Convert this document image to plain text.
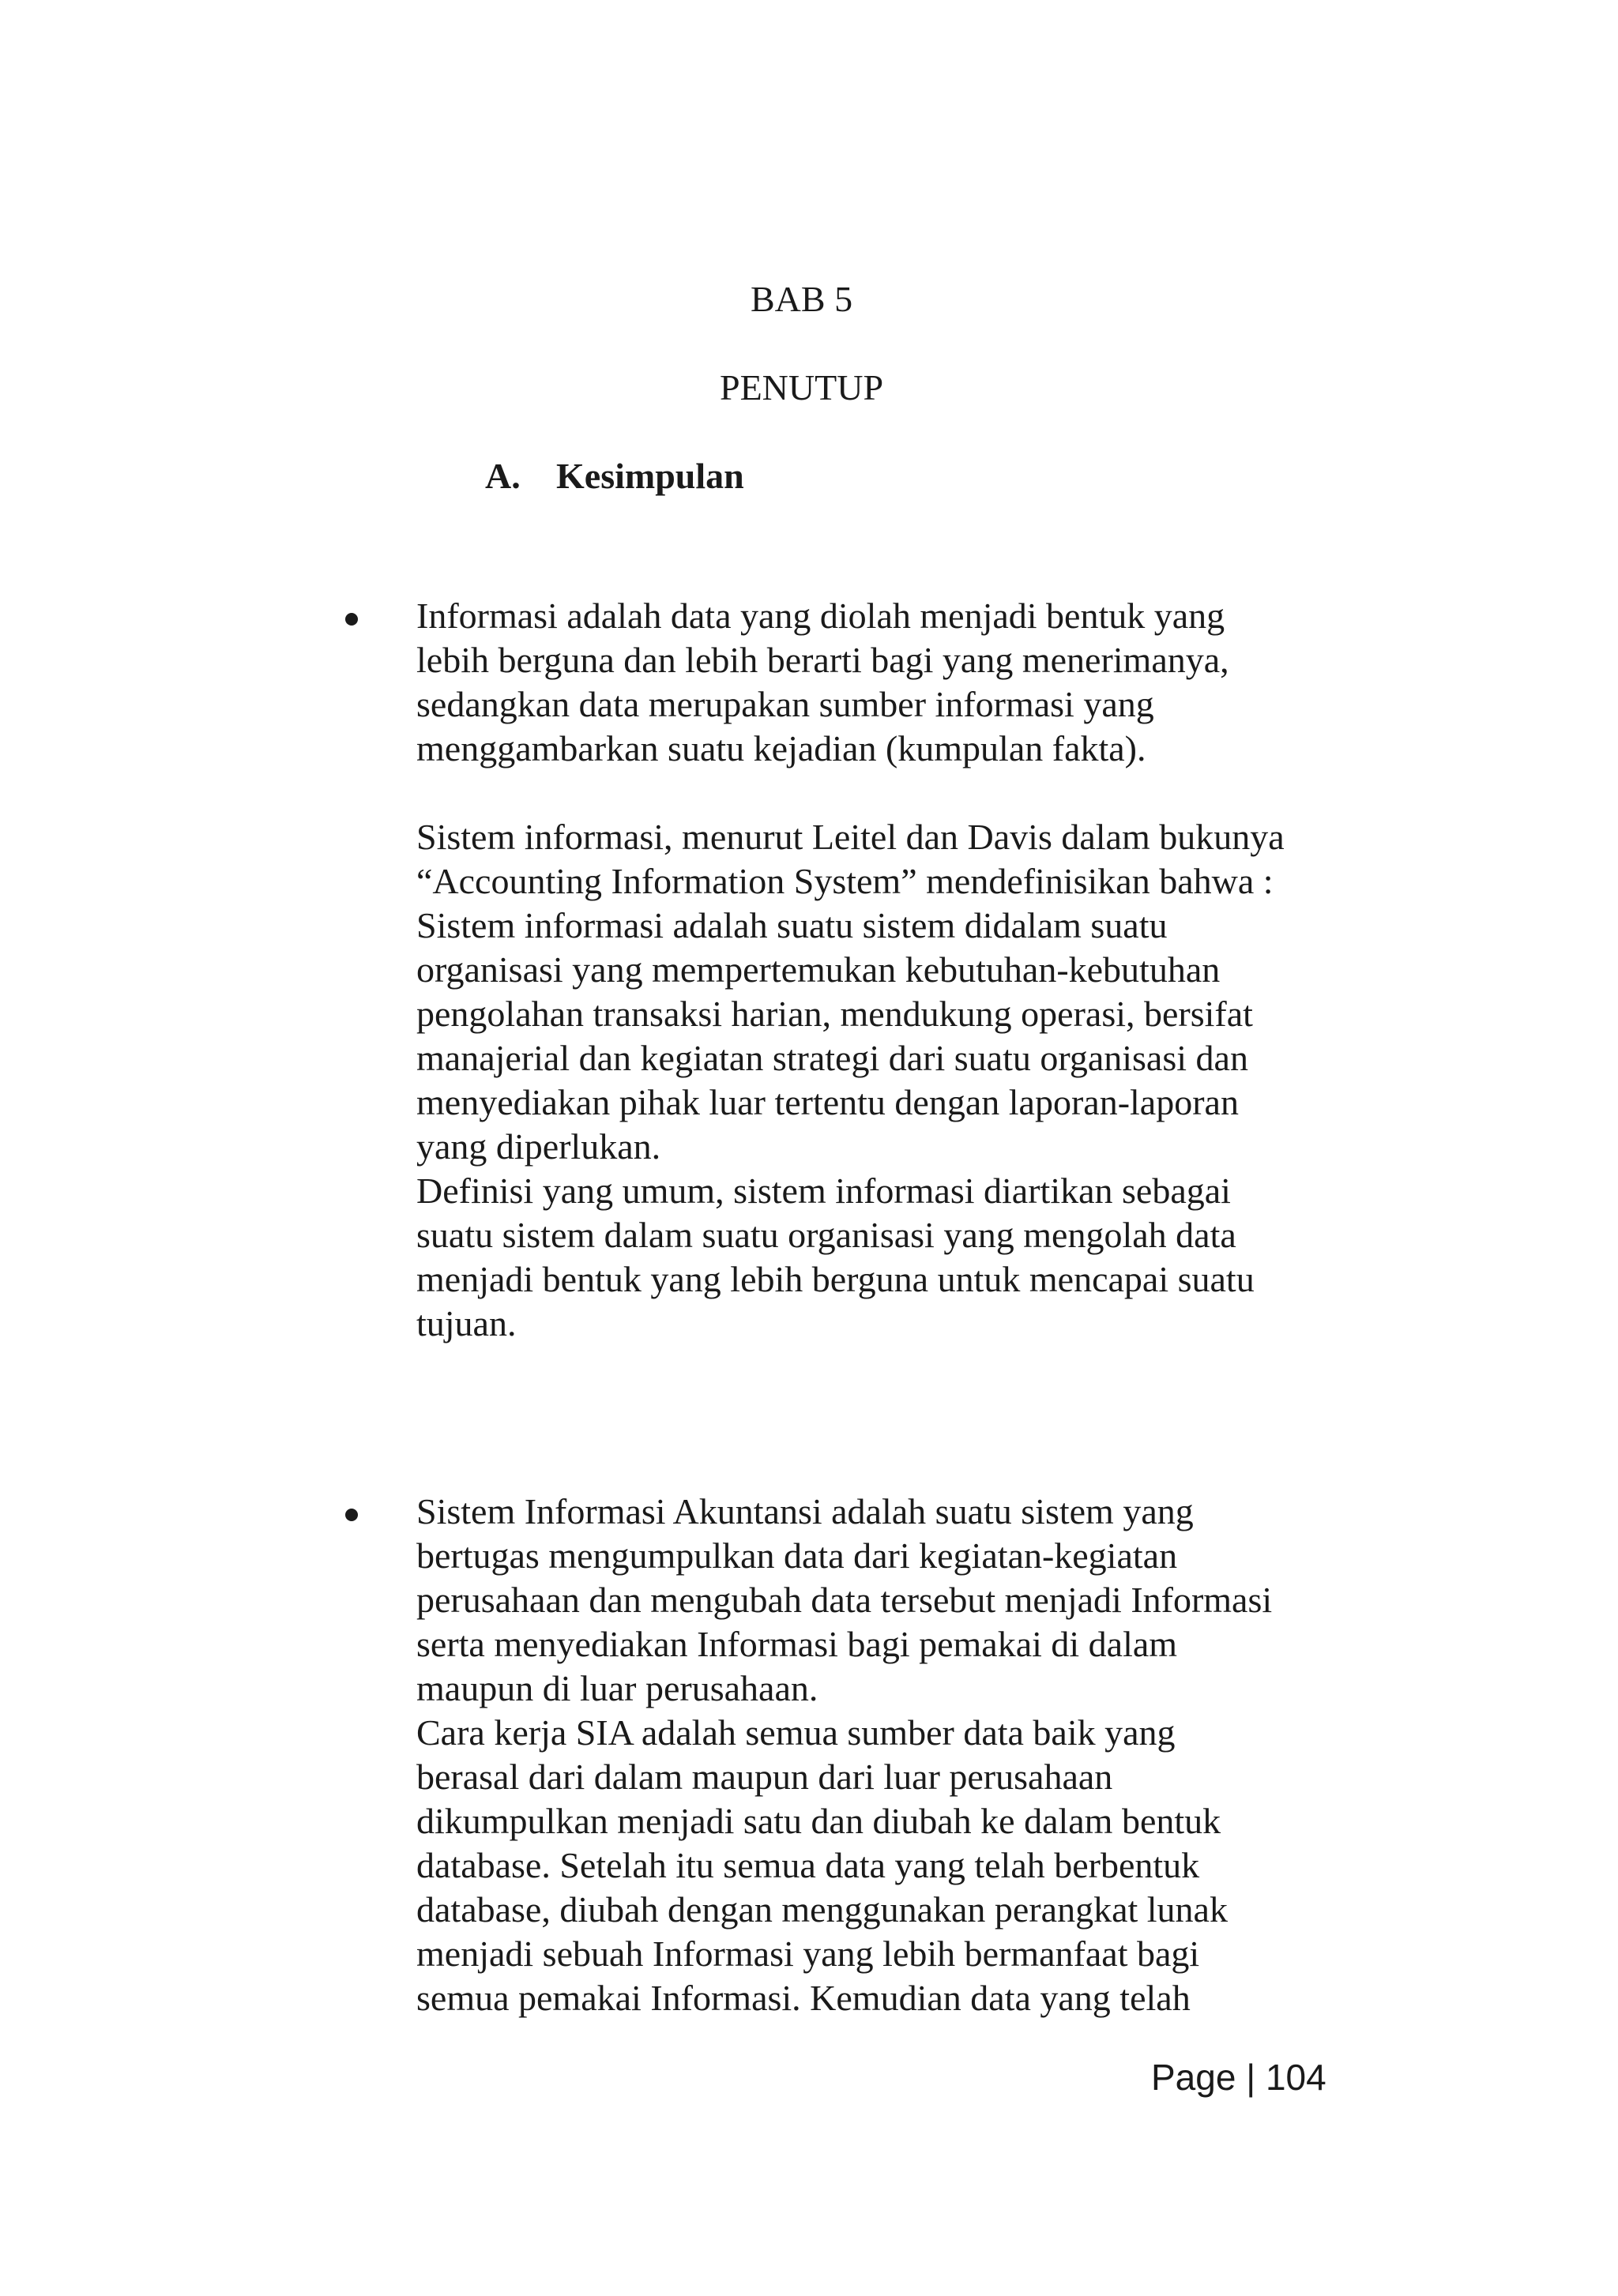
BAB 5
PENUTUP
A. Kesimpulan
Informasi adalah data yang diolah menjadi bentuk yang
lebih berguna dan lebih berarti bagi yang menerimanya,
sedangkan data merupakan sumber informasi yang
menggambarkan suatu kejadian (kumpulan fakta).
Sistem informasi, menurut Leitel dan Davis dalam bukunya
“Accounting Information System” mendefinisikan bahwa :
Sistem informasi adalah suatu sistem didalam suatu
organisasi yang mempertemukan kebutuhan-kebutuhan
pengolahan transaksi harian, mendukung operasi, bersifat
manajerial dan kegiatan strategi dari suatu organisasi dan
menyediakan pihak luar tertentu dengan laporan-laporan
yang diperlukan.
Definisi yang umum, sistem informasi diartikan sebagai
suatu sistem dalam suatu organisasi yang mengolah data
menjadi bentuk yang lebih berguna untuk mencapai suatu
tujuan.
Sistem Informasi Akuntansi adalah suatu sistem yang
bertugas mengumpulkan data dari kegiatan-kegiatan
perusahaan dan mengubah data tersebut menjadi Informasi
serta menyediakan Informasi bagi pemakai di dalam
maupun di luar perusahaan.
Cara kerja SIA adalah semua sumber data baik yang
berasal dari dalam maupun dari luar perusahaan
dikumpulkan menjadi satu dan diubah ke dalam bentuk
database. Setelah itu semua data yang telah berbentuk
database, diubah dengan menggunakan perangkat lunak
menjadi sebuah Informasi yang lebih bermanfaat bagi
semua pemakai Informasi. Kemudian data yang telah
Page | 104
